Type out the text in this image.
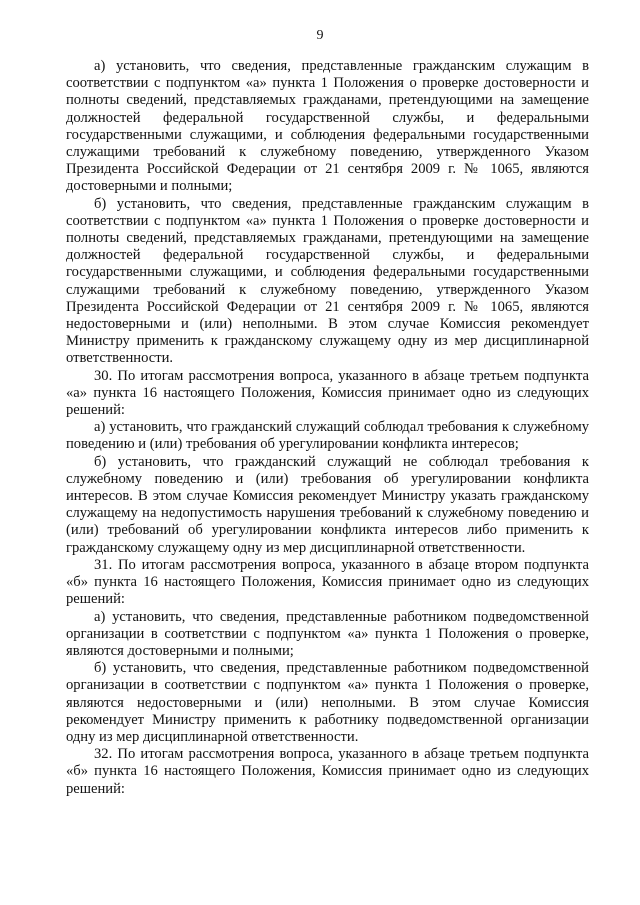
9

а) установить, что сведения, представленные гражданским служащим в соответствии с подпунктом «а» пункта 1 Положения о проверке достоверности и полноты сведений, представляемых гражданами, претендующими на замещение должностей федеральной государственной службы, и федеральными государственными служащими, и соблюдения федеральными государственными служащими требований к служебному поведению, утвержденного Указом Президента Российской Федерации от 21 сентября 2009 г. № 1065, являются достоверными и полными;

б) установить, что сведения, представленные гражданским служащим в соответствии с подпунктом «а» пункта 1 Положения о проверке достоверности и полноты сведений, представляемых гражданами, претендующими на замещение должностей федеральной государственной службы, и федеральными государственными служащими, и соблюдения федеральными государственными служащими требований к служебному поведению, утвержденного Указом Президента Российской Федерации от 21 сентября 2009 г. № 1065, являются недостоверными и (или) неполными. В этом случае Комиссия рекомендует Министру применить к гражданскому служащему одну из мер дисциплинарной ответственности.

30. По итогам рассмотрения вопроса, указанного в абзаце третьем подпункта «а» пункта 16 настоящего Положения, Комиссия принимает одно из следующих решений:

а) установить, что гражданский служащий соблюдал требования к служебному поведению и (или) требования об урегулировании конфликта интересов;

б) установить, что гражданский служащий не соблюдал требования к служебному поведению и (или) требования об урегулировании конфликта интересов. В этом случае Комиссия рекомендует Министру указать гражданскому служащему на недопустимость нарушения требований к служебному поведению и (или) требований об урегулировании конфликта интересов либо применить к гражданскому служащему одну из мер дисциплинарной ответственности.

31. По итогам рассмотрения вопроса, указанного в абзаце втором подпункта «б» пункта 16 настоящего Положения, Комиссия принимает одно из следующих решений:

а) установить, что сведения, представленные работником подведомственной организации в соответствии с подпунктом «а» пункта 1 Положения о проверке, являются достоверными и полными;

б) установить, что сведения, представленные работником подведомственной организации в соответствии с подпунктом «а» пункта 1 Положения о проверке, являются недостоверными и (или) неполными. В этом случае Комиссия рекомендует Министру применить к работнику подведомственной организации одну из мер дисциплинарной ответственности.

32. По итогам рассмотрения вопроса, указанного в абзаце третьем подпункта «б» пункта 16 настоящего Положения, Комиссия принимает одно из следующих решений:
